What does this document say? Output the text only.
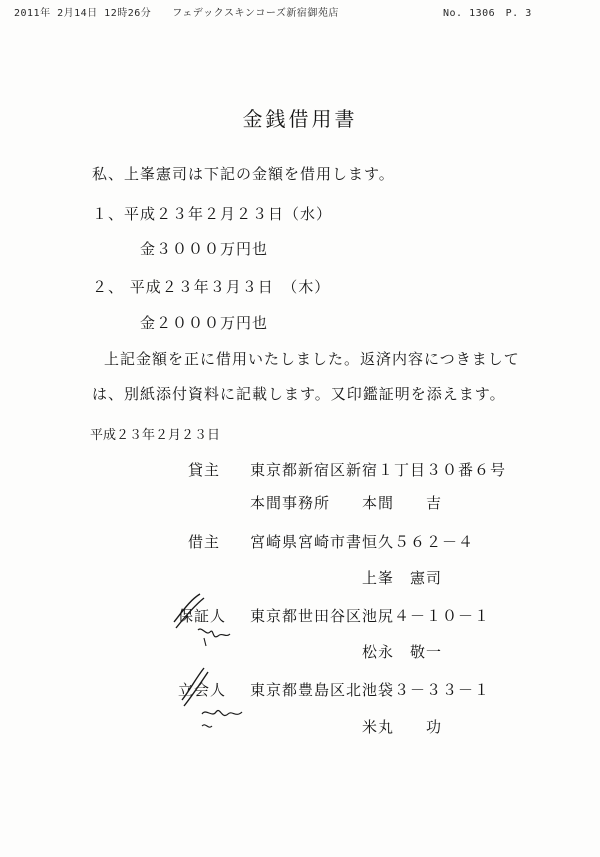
2011年 2月14日 12時26分　　フェデックスキンコーズ新宿御苑店	No. 1306　P. 3
金銭借用書
私、上峯憲司は下記の金額を借用します。
１、平成２３年２月２３日（水）
金３０００万円也
２、 平成２３年３月３日　（木）
金２０００万円也
上記金額を正に借用いたしました。返済内容につきまして
は、別紙添付資料に記載します。又印鑑証明を添えます。
平成２３年２月２３日
貸主 東京都新宿区新宿１丁目３０番６号
本間事務所　　本間　　吉
借主 宮崎県宮崎市書恒久５６２－４
上峯　憲司
保証人 東京都世田谷区池尻４－１０－１
松永　敬一
立会人 東京都豊島区北池袋３－３３－１
米丸　　功
